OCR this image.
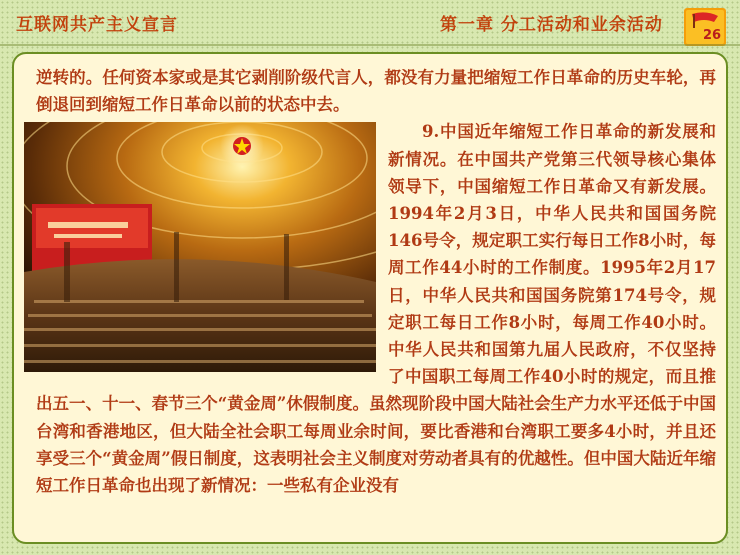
互联网共产主义宣言	第一章 分工活动和业余活动
26
逆转的。任何资本家或是其它剥削阶级代言人，都没有力量把缩短工作日革命的历史车轮，再倒退回到缩短工作日革命以前的状态中去。

9.中国近年缩短工作日革命的新发展和新情况。在中国共产党第三代领导核心集体领导下，中国缩短工作日革命又有新发展。1994年2月3日，中华人民共和国国务院146号令，规定职工实行每日工作8小时，每周工作44小时的工作制度。1995年2月17日，中华人民共和国国务院第174号令，规定职工每日工作8小时，每周工作40小时。中华人民共和国第九届人民政府，不仅坚持了中国职工每周工作40小时的规定，而且推出五一、十一、春节三个“黄金周”休假制度。虽然现阶段中国大陆社会生产力水平还低于中国台湾和香港地区，但大陆全社会职工每周业余时间，要比香港和台湾职工要多4小时，并且还享受三个“黄金周”假日制度，这表明社会主义制度对劳动者具有的优越性。但中国大陆近年缩短工作日革命也出现了新情况：一些私有企业没有
